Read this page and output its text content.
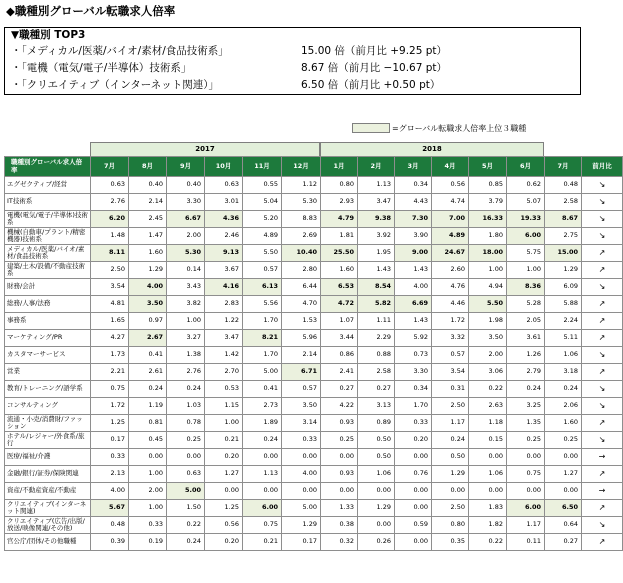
◆職種別グローバル転職求人倍率
▼職種別 TOP3
・「メディカル/医薬/バイオ/素材/食品技術系」	15.00 倍（前月比 +9.25 pt）
・「電機（電気/電子/半導体）技術系」	8.67 倍（前月比 −10.67 pt）
・「クリエイティブ（インターネット関連）」	6.50 倍（前月比 +0.50 pt）
=グローバル転職求人倍率上位３職種
2017	2018
職種別グローバル求人倍率	7月	8月	9月	10月	11月	12月	1月	2月	3月	4月	5月	6月	7月	前月比
エグゼクティブ/経営	0.63	0.40	0.40	0.63	0.55	1.12	0.80	1.13	0.34	0.56	0.85	0.62	0.48	↘
IT技術系	2.76	2.14	3.30	3.01	5.04	5.30	2.93	3.47	4.43	4.74	3.79	5.07	2.58	↘
電機(電気/電子/半導体)技術系	6.20	2.45	6.67	4.36	5.20	8.83	4.79	9.38	7.30	7.00	16.33	19.33	8.67	↘
機械(自動車/プラント/精密機器)技術系	1.48	1.47	2.00	2.46	4.89	2.69	1.81	3.92	3.90	4.89	1.80	6.00	2.75	↘
メディカル/医薬/バイオ/素材/食品技術系	8.11	1.60	5.30	9.13	5.50	10.40	25.50	1.95	9.00	24.67	18.00	5.75	15.00	↗
建築/土木/設備/不動産技術系	2.50	1.29	0.14	3.67	0.57	2.80	1.60	1.43	1.43	2.60	1.00	1.00	1.29	↗
財務/会計	3.54	4.00	3.43	4.16	6.13	6.44	6.53	8.54	4.00	4.76	4.94	8.36	6.09	↘
総務/人事/法務	4.81	3.50	3.82	2.83	5.56	4.70	4.72	5.82	6.69	4.46	5.50	5.28	5.88	↗
事務系	1.65	0.97	1.00	1.22	1.70	1.53	1.07	1.11	1.43	1.72	1.98	2.05	2.24	↗
マーケティング/PR	4.27	2.67	3.27	3.47	8.21	5.96	3.44	2.29	5.92	3.32	3.50	3.61	5.11	↗
カスタマーサービス	1.73	0.41	1.38	1.42	1.70	2.14	0.86	0.88	0.73	0.57	2.00	1.26	1.06	↘
営業	2.21	2.61	2.76	2.70	5.00	6.71	2.41	2.58	3.30	3.54	3.06	2.79	3.18	↗
教育/トレーニング/語学系	0.75	0.24	0.24	0.53	0.41	0.57	0.27	0.27	0.34	0.31	0.22	0.24	0.24	↘
コンサルティング	1.72	1.19	1.03	1.15	2.73	3.50	4.22	3.13	1.70	2.50	2.63	3.25	2.06	↘
流通・小売/消費財/ファッション	1.25	0.81	0.78	1.00	1.89	3.14	0.93	0.89	0.33	1.17	1.18	1.35	1.60	↗
ホテル/レジャー/外食系/旅行	0.17	0.45	0.25	0.21	0.24	0.33	0.25	0.50	0.20	0.24	0.15	0.25	0.25	↘
医療/福祉/介護	0.33	0.00	0.00	0.20	0.00	0.00	0.00	0.50	0.00	0.50	0.00	0.00	0.00	→
金融/銀行/証券/保険関連	2.13	1.00	0.63	1.27	1.13	4.00	0.93	1.06	0.76	1.29	1.06	0.75	1.27	↗
資産/不動産資産/不動産	4.00	2.00	5.00	0.00	0.00	0.00	0.00	0.00	0.00	0.00	0.00	0.00	0.00	→
クリエイティブ(インターネット関連)	5.67	1.00	1.50	1.25	6.00	5.00	1.33	1.29	0.00	2.50	1.83	6.00	6.50	↗
クリエイティブ(広告/出版/放送/映像関連/その他)	0.48	0.33	0.22	0.56	0.75	1.29	0.38	0.00	0.59	0.80	1.82	1.17	0.64	↘
官公庁/団体/その他職種	0.39	0.19	0.24	0.20	0.21	0.17	0.32	0.26	0.00	0.35	0.22	0.11	0.27	↗
